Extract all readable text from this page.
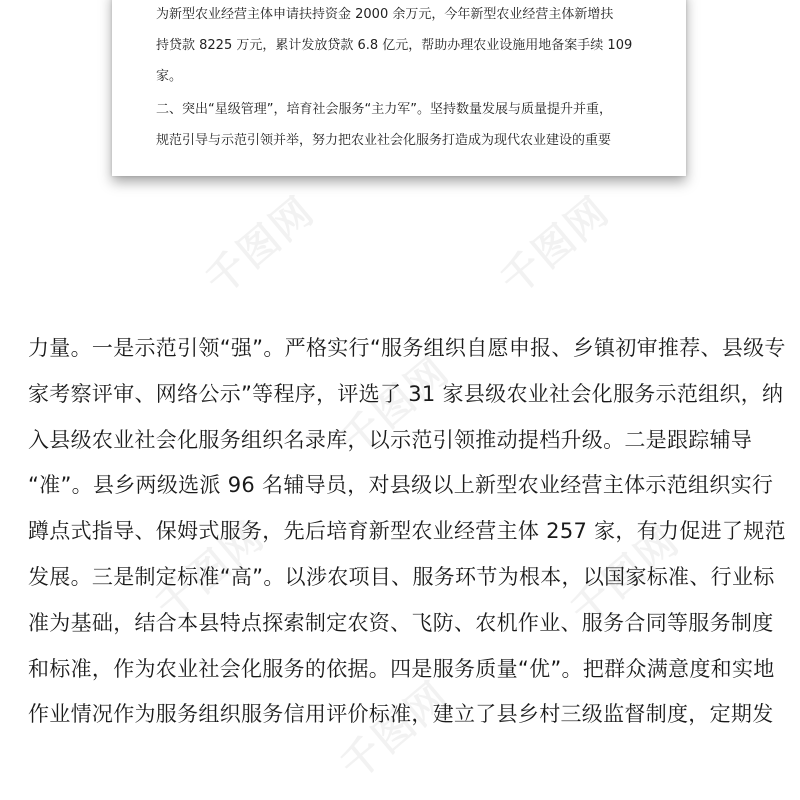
千图网	千图网
千图网
千图网	千图网
千图网
为新型农业经营主体申请扶持资金 2000 余万元，今年新型农业经营主体新增扶
持贷款 8225 万元，累计发放贷款 6.8 亿元，帮助办理农业设施用地备案手续 109
家。
二、突出“星级管理”，培育社会服务“主力军”。坚持数量发展与质量提升并重，
规范引导与示范引领并举，努力把农业社会化服务打造成为现代农业建设的重要
力量。一是示范引领“强”。严格实行“服务组织自愿申报、乡镇初审推荐、县级专
家考察评审、网络公示”等程序，评选了 31 家县级农业社会化服务示范组织，纳
入县级农业社会化服务组织名录库，以示范引领推动提档升级。二是跟踪辅导
“准”。县乡两级选派 96 名辅导员，对县级以上新型农业经营主体示范组织实行
蹲点式指导、保姆式服务，先后培育新型农业经营主体 257 家，有力促进了规范
发展。三是制定标准“高”。以涉农项目、服务环节为根本，以国家标准、行业标
准为基础，结合本县特点探索制定农资、飞防、农机作业、服务合同等服务制度
和标准，作为农业社会化服务的依据。四是服务质量“优”。把群众满意度和实地
作业情况作为服务组织服务信用评价标准，建立了县乡村三级监督制度，定期发
